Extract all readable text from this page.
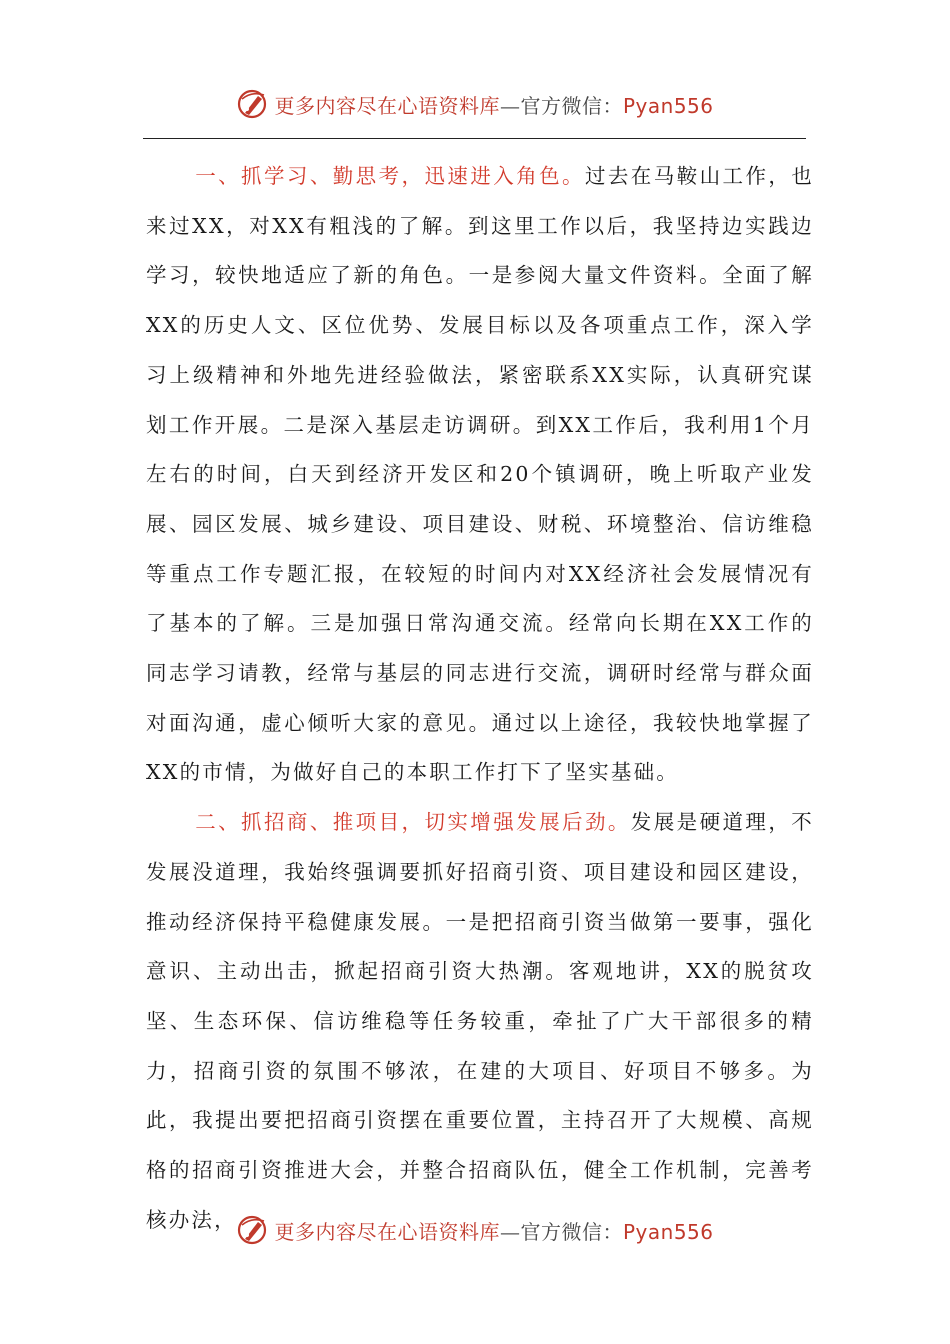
更多内容尽在心语资料库—官方微信：Pyan556

一、抓学习、勤思考，迅速进入角色。过去在马鞍山工作，也来过XX，对XX有粗浅的了解。到这里工作以后，我坚持边实践边学习，较快地适应了新的角色。一是参阅大量文件资料。全面了解XX的历史人文、区位优势、发展目标以及各项重点工作，深入学习上级精神和外地先进经验做法，紧密联系XX实际，认真研究谋划工作开展。二是深入基层走访调研。到XX工作后，我利用1个月左右的时间，白天到经济开发区和20个镇调研，晚上听取产业发展、园区发展、城乡建设、项目建设、财税、环境整治、信访维稳等重点工作专题汇报，在较短的时间内对XX经济社会发展情况有了基本的了解。三是加强日常沟通交流。经常向长期在XX工作的同志学习请教，经常与基层的同志进行交流，调研时经常与群众面对面沟通，虚心倾听大家的意见。通过以上途径，我较快地掌握了XX的市情，为做好自己的本职工作打下了坚实基础。

二、抓招商、推项目，切实增强发展后劲。发展是硬道理，不发展没道理，我始终强调要抓好招商引资、项目建设和园区建设，推动经济保持平稳健康发展。一是把招商引资当做第一要事，强化意识、主动出击，掀起招商引资大热潮。客观地讲，XX的脱贫攻坚、生态环保、信访维稳等任务较重，牵扯了广大干部很多的精力，招商引资的氛围不够浓，在建的大项目、好项目不够多。为此，我提出要把招商引资摆在重要位置，主持召开了大规模、高规格的招商引资推进大会，并整合招商队伍，健全工作机制，完善考核办法，	更多内容尽在心语资料库—官方微信：Pyan556
